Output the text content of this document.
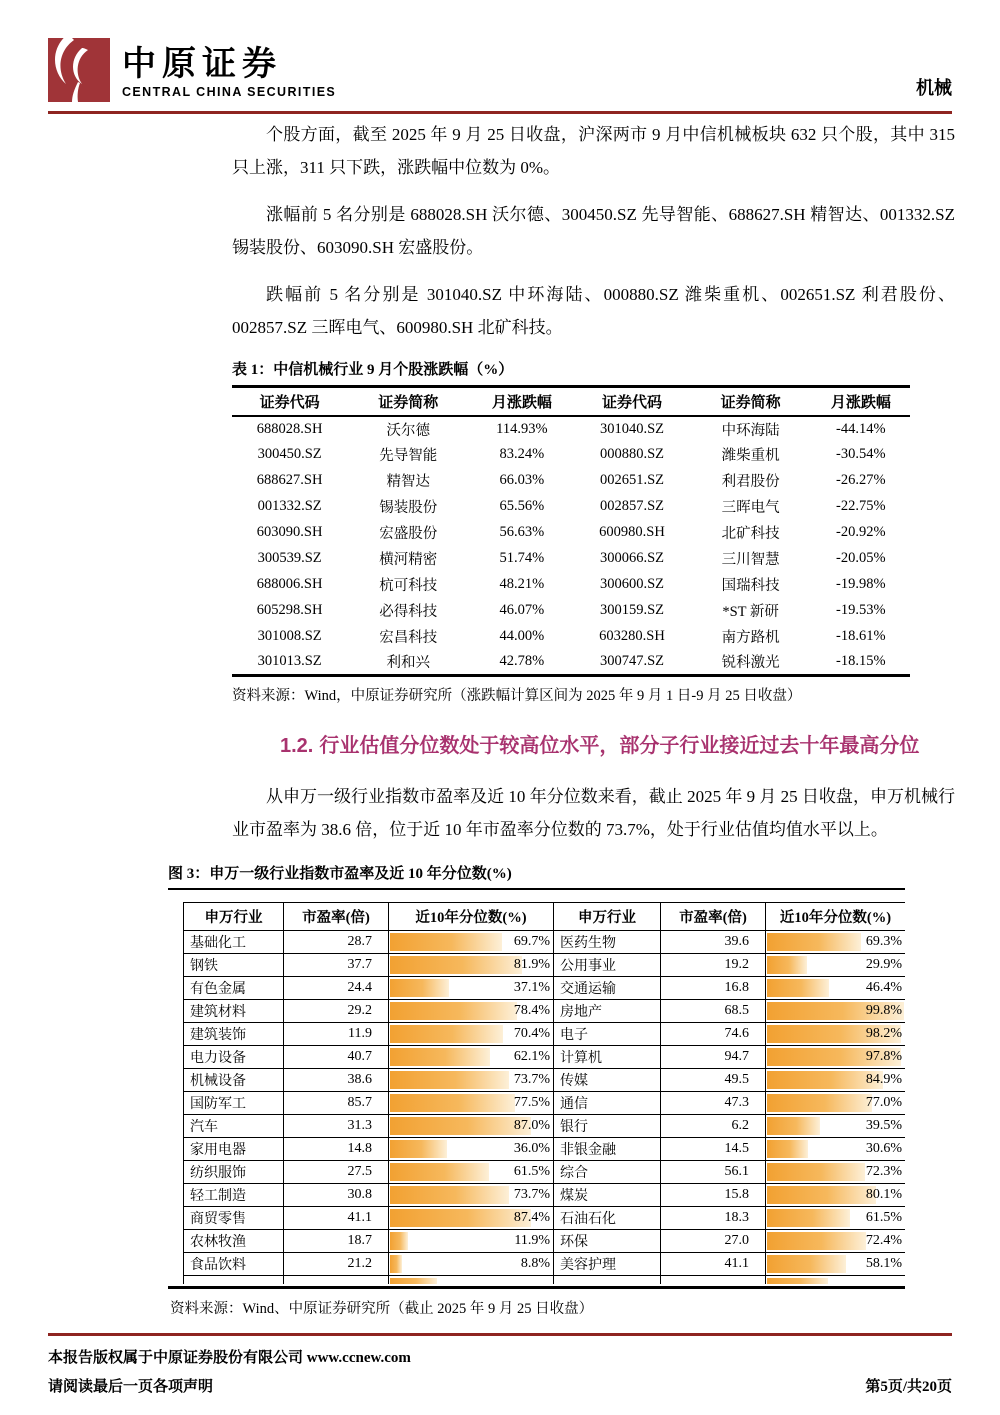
中原证券
CENTRAL CHINA SECURITIES	机械

个股方面，截至 2025 年 9 月 25 日收盘，沪深两市 9 月中信机械板块 632 只个股，其中 315 只上涨，311 只下跌，涨跌幅中位数为 0%。

涨幅前 5 名分别是 688028.SH 沃尔德、300450.SZ 先导智能、688627.SH 精智达、001332.SZ 锡装股份、603090.SH 宏盛股份。

跌幅前 5 名分别是 301040.SZ 中环海陆、000880.SZ 潍柴重机、002651.SZ 利君股份、002857.SZ 三晖电气、600980.SH 北矿科技。

表 1：中信机械行业 9 月个股涨跌幅（%）
证券代码	证券简称	月涨跌幅	证券代码	证券简称	月涨跌幅
688028.SH	沃尔德	114.93%	301040.SZ	中环海陆	-44.14%
300450.SZ	先导智能	83.24%	000880.SZ	潍柴重机	-30.54%
688627.SH	精智达	66.03%	002651.SZ	利君股份	-26.27%
001332.SZ	锡装股份	65.56%	002857.SZ	三晖电气	-22.75%
603090.SH	宏盛股份	56.63%	600980.SH	北矿科技	-20.92%
300539.SZ	横河精密	51.74%	300066.SZ	三川智慧	-20.05%
688006.SH	杭可科技	48.21%	300600.SZ	国瑞科技	-19.98%
605298.SH	必得科技	46.07%	300159.SZ	*ST 新研	-19.53%
301008.SZ	宏昌科技	44.00%	603280.SH	南方路机	-18.61%
301013.SZ	利和兴	42.78%	300747.SZ	锐科激光	-18.15%
资料来源：Wind，中原证券研究所（涨跌幅计算区间为 2025 年 9 月 1 日-9 月 25 日收盘）
1.2. 行业估值分位数处于较高位水平，部分子行业接近过去十年最高分位

从申万一级行业指数市盈率及近 10 年分位数来看，截止 2025 年 9 月 25 日收盘，申万机械行业市盈率为 38.6 倍，位于近 10 年市盈率分位数的 73.7%，处于行业估值均值水平以上。

图 3：申万一级行业指数市盈率及近 10 年分位数(%)
申万行业	市盈率(倍)	近10年分位数(%)	申万行业	市盈率(倍)	近10年分位数(%)
基础化工	28.7	69.7%	医药生物	39.6	69.3%
钢铁	37.7	81.9%	公用事业	19.2	29.9%
有色金属	24.4	37.1%	交通运输	16.8	46.4%
建筑材料	29.2	78.4%	房地产	68.5	99.8%
建筑装饰	11.9	70.4%	电子	74.6	98.2%
电力设备	40.7	62.1%	计算机	94.7	97.8%
机械设备	38.6	73.7%	传媒	49.5	84.9%
国防军工	85.7	77.5%	通信	47.3	77.0%
汽车	31.3	87.0%	银行	6.2	39.5%
家用电器	14.8	36.0%	非银金融	14.5	30.6%
纺织服饰	27.5	61.5%	综合	56.1	72.3%
轻工制造	30.8	73.7%	煤炭	15.8	80.1%
商贸零售	41.1	87.4%	石油石化	18.3	61.5%
农林牧渔	18.7	11.9%	环保	27.0	72.4%
食品饮料	21.2	8.8%	美容护理	41.1	58.1%

资料来源：Wind、中原证券研究所（截止 2025 年 9 月 25 日收盘）
本报告版权属于中原证券股份有限公司 www.ccnew.com
请阅读最后一页各项声明	第5页/共20页
